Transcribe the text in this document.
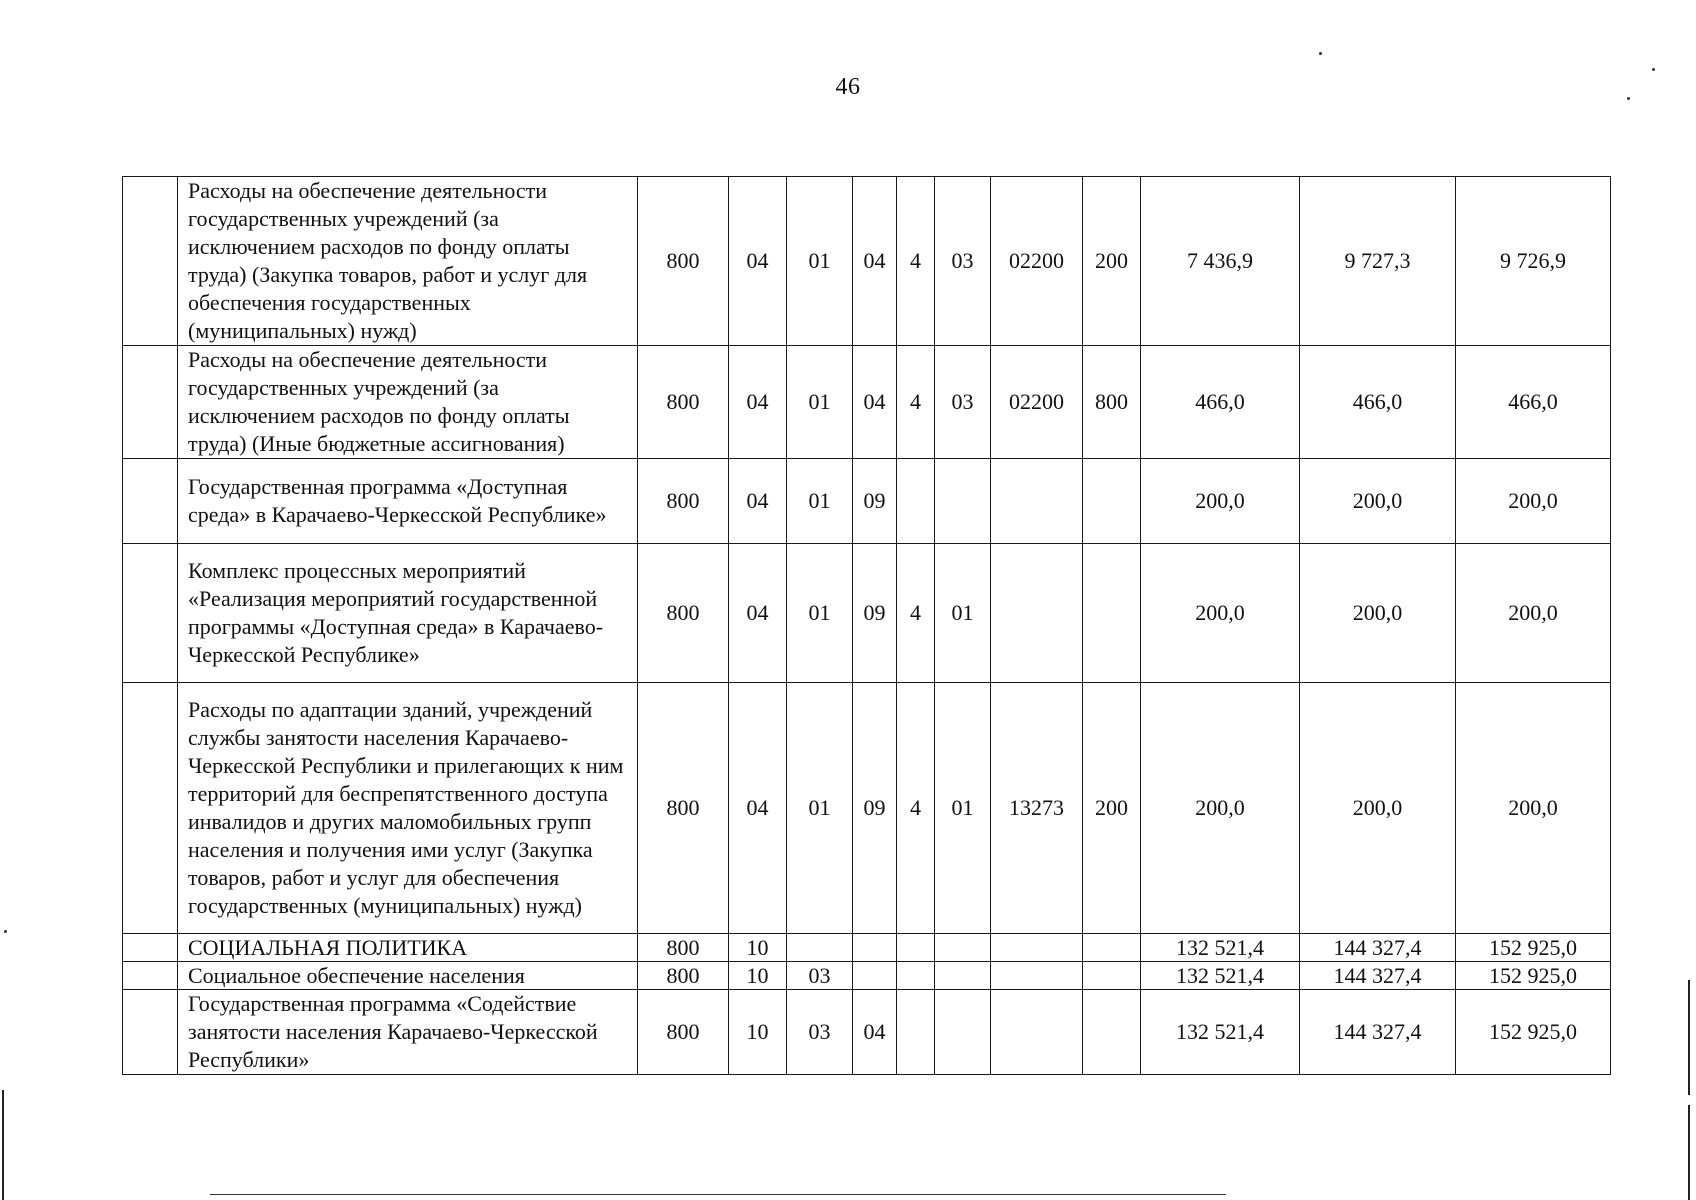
46
	Расходы на обеспечение деятельности государственных учреждений (за исключением расходов по фонду оплаты труда) (Закупка товаров, работ и услуг для обеспечения государственных (муниципальных) нужд)	800	04	01	04	4	03	02200	200	7 436,9	9 727,3	9 726,9
	Расходы на обеспечение деятельности государственных учреждений (за исключением расходов по фонду оплаты труда) (Иные бюджетные ассигнования)	800	04	01	04	4	03	02200	800	466,0	466,0	466,0
	Государственная программа «Доступная среда» в Карачаево-Черкесской Республике»	800	04	01	09					200,0	200,0	200,0
	Комплекс процессных мероприятий «Реализация мероприятий государственной программы «Доступная среда» в Карачаево-Черкесской Республике»	800	04	01	09	4	01			200,0	200,0	200,0
	Расходы по адаптации зданий, учреждений службы занятости населения Карачаево-Черкесской Республики и прилегающих к ним территорий для беспрепятственного доступа инвалидов и других маломобильных групп населения и получения ими услуг (Закупка товаров, работ и услуг для обеспечения государственных (муниципальных) нужд)	800	04	01	09	4	01	13273	200	200,0	200,0	200,0
	СОЦИАЛЬНАЯ ПОЛИТИКА	800	10							132 521,4	144 327,4	152 925,0
	Социальное обеспечение населения	800	10	03						132 521,4	144 327,4	152 925,0
	Государственная программа «Содействие занятости населения Карачаево-Черкесской Республики»	800	10	03	04					132 521,4	144 327,4	152 925,0
